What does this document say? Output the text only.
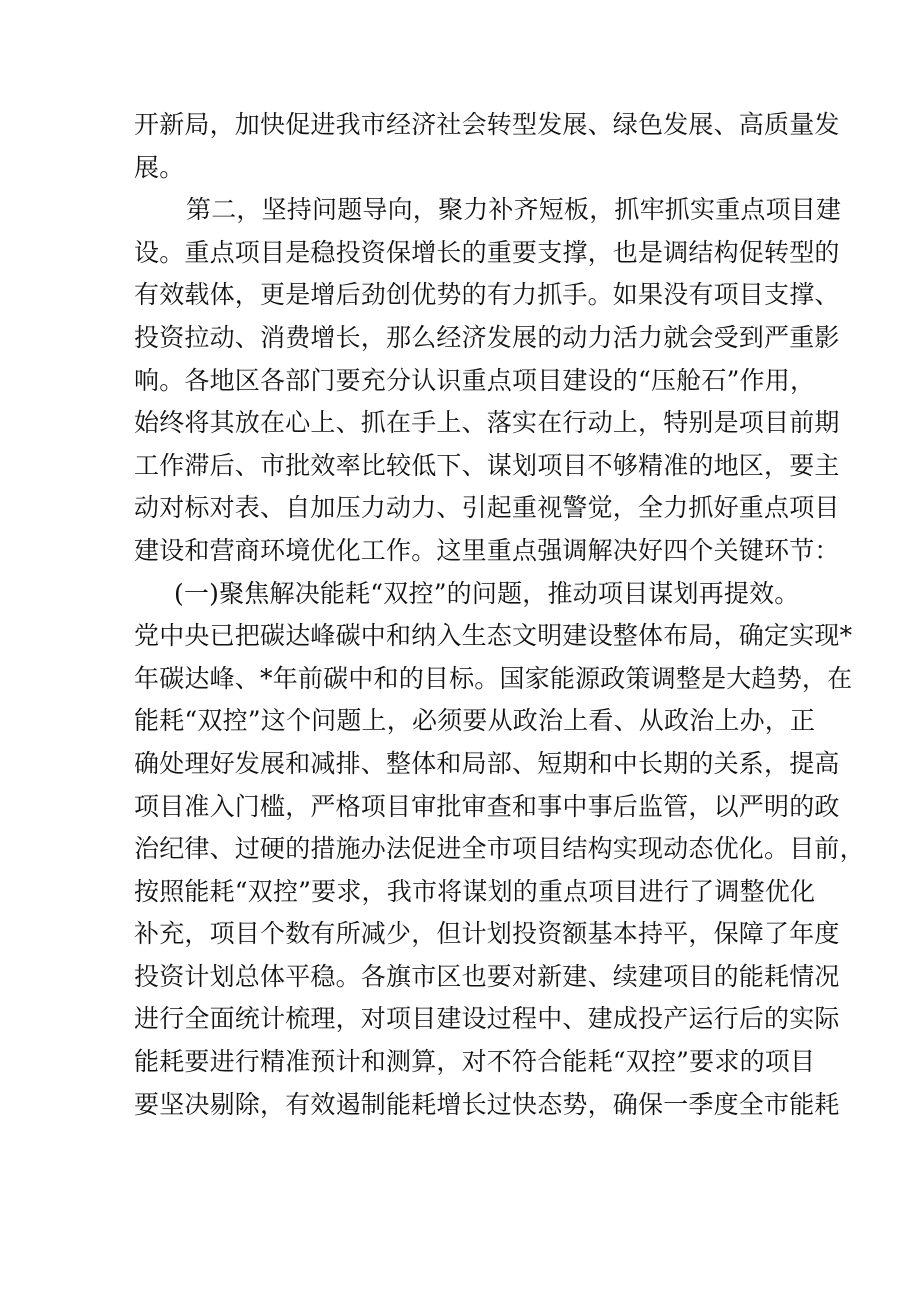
开新局，加快促进我市经济社会转型发展、绿色发展、高质量发
展。
第二，坚持问题导向，聚力补齐短板，抓牢抓实重点项目建
设。重点项目是稳投资保增长的重要支撑，也是调结构促转型的
有效载体，更是增后劲创优势的有力抓手。如果没有项目支撑、
投资拉动、消费增长，那么经济发展的动力活力就会受到严重影
响。各地区各部门要充分认识重点项目建设的“压舱石”作用，
始终将其放在心上、抓在手上、落实在行动上，特别是项目前期
工作滞后、市批效率比较低下、谋划项目不够精准的地区，要主
动对标对表、自加压力动力、引起重视警觉，全力抓好重点项目
建设和营商环境优化工作。这里重点强调解决好四个关键环节：
(一)聚焦解决能耗“双控”的问题，推动项目谋划再提效。
党中央已把碳达峰碳中和纳入生态文明建设整体布局，确定实现*
年碳达峰、*年前碳中和的目标。国家能源政策调整是大趋势，在
能耗“双控”这个问题上，必须要从政治上看、从政治上办，正
确处理好发展和减排、整体和局部、短期和中长期的关系，提高
项目准入门槛，严格项目审批审查和事中事后监管，以严明的政
治纪律、过硬的措施办法促进全市项目结构实现动态优化。目前，
按照能耗“双控”要求，我市将谋划的重点项目进行了调整优化
补充，项目个数有所减少，但计划投资额基本持平，保障了年度
投资计划总体平稳。各旗市区也要对新建、续建项目的能耗情况
进行全面统计梳理，对项目建设过程中、建成投产运行后的实际
能耗要进行精准预计和测算，对不符合能耗“双控”要求的项目
要坚决剔除，有效遏制能耗增长过快态势，确保一季度全市能耗
